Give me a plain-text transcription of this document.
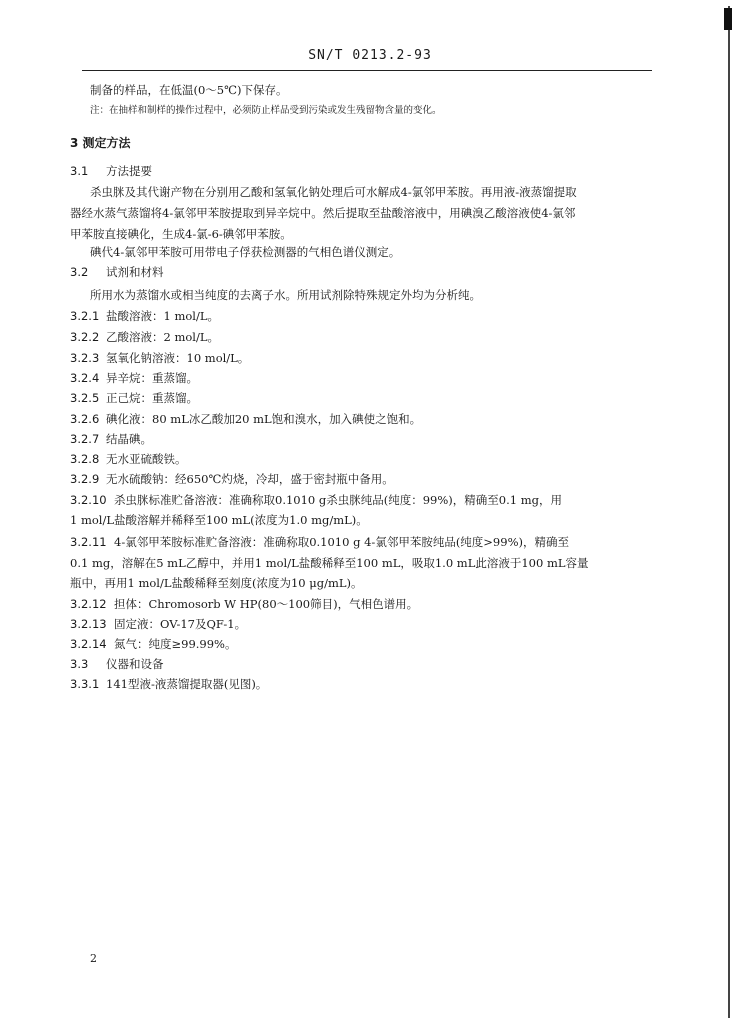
SN/T 0213.2-93
制备的样品，在低温(0～5℃)下保存。
注：在抽样和制样的操作过程中，必须防止样品受到污染或发生残留物含量的变化。
3 测定方法
3.1 方法提要
杀虫脒及其代谢产物在分别用乙酸和氢氧化钠处理后可水解成4-氯邻甲苯胺。再用液-液蒸馏提取
器经水蒸气蒸馏将4-氯邻甲苯胺提取到异辛烷中。然后提取至盐酸溶液中，用碘溴乙酸溶液使4-氯邻
甲苯胺直接碘化，生成4-氯-6-碘邻甲苯胺。
碘代4-氯邻甲苯胺可用带电子俘获检测器的气相色谱仪测定。
3.2 试剂和材料
所用水为蒸馏水或相当纯度的去离子水。所用试剂除特殊规定外均为分析纯。
3.2.1 盐酸溶液：1 mol/L。
3.2.2 乙酸溶液：2 mol/L。
3.2.3 氢氧化钠溶液：10 mol/L。
3.2.4 异辛烷：重蒸馏。
3.2.5 正己烷：重蒸馏。
3.2.6 碘化液：80 mL冰乙酸加20 mL饱和溴水，加入碘使之饱和。
3.2.7 结晶碘。
3.2.8 无水亚硫酸铁。
3.2.9 无水硫酸钠：经650℃灼烧，冷却，盛于密封瓶中备用。
3.2.10 杀虫脒标准贮备溶液：准确称取0.1010 g杀虫脒纯品(纯度：99%)，精确至0.1 mg，用
1 mol/L盐酸溶解并稀释至100 mL(浓度为1.0 mg/mL)。
3.2.11 4-氯邻甲苯胺标准贮备溶液：准确称取0.1010 g 4-氯邻甲苯胺纯品(纯度>99%)，精确至
0.1 mg，溶解在5 mL乙醇中，并用1 mol/L盐酸稀释至100 mL，吸取1.0 mL此溶液于100 mL容量
瓶中，再用1 mol/L盐酸稀释至刻度(浓度为10 μg/mL)。
3.2.12 担体：Chromosorb W HP(80～100筛目)，气相色谱用。
3.2.13 固定液：OV-17及QF-1。
3.2.14 氮气：纯度≥99.99%。
3.3 仪器和设备
3.3.1 141型液-液蒸馏提取器(见图)。
2
